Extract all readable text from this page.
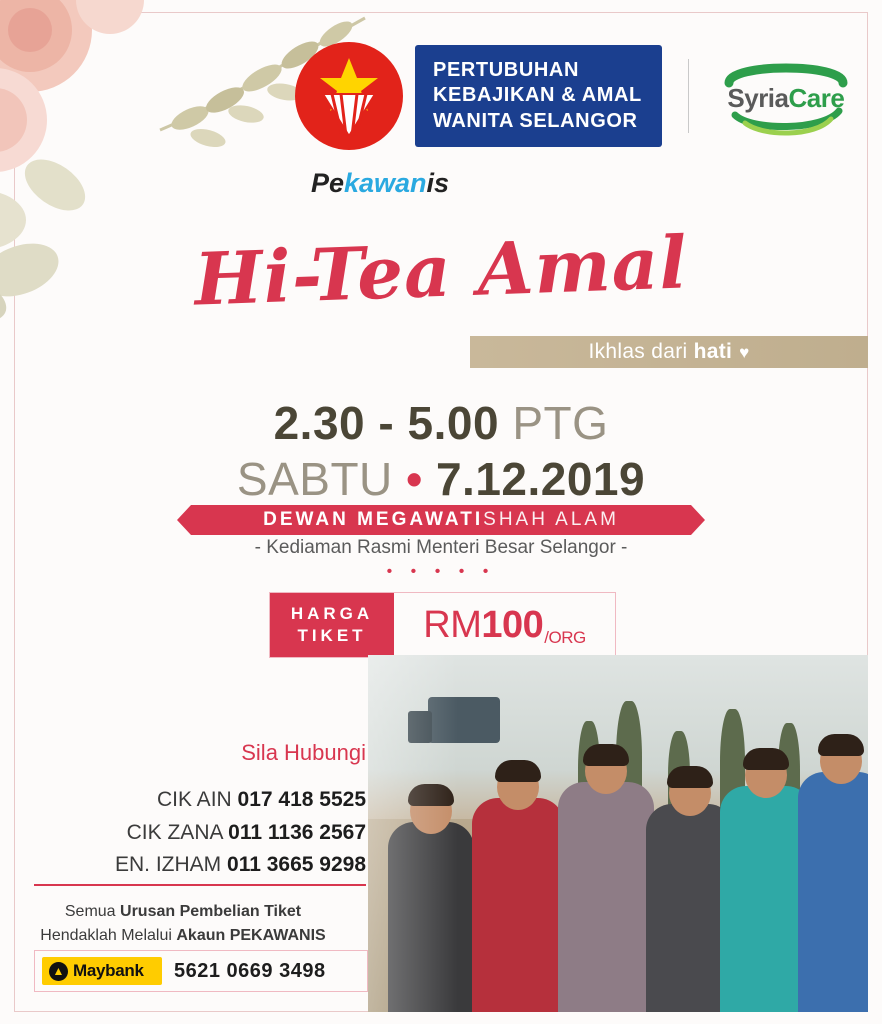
PERTUBUHAN
KEBAJIKAN & AMAL
WANITA SELANGOR
SyriaCare
Pekawanis
Hi-Tea Amal
Ikhlas dari hati ♥
2.30 - 5.00 PTG
SABTU • 7.12.2019
DEWAN MEGAWATI SHAH ALAM
- Kediaman Rasmi Menteri Besar Selangor -
• • • • •
HARGA
TIKET RM 100 /ORG
Sila Hubungi
CIK AIN 017 418 5525
CIK ZANA 011 1136 2567
EN. IZHAM 011 3665 9298
Semua Urusan Pembelian Tiket
Hendaklah Melalui Akaun PEKAWANIS
▲ Maybank 5621 0669 3498
